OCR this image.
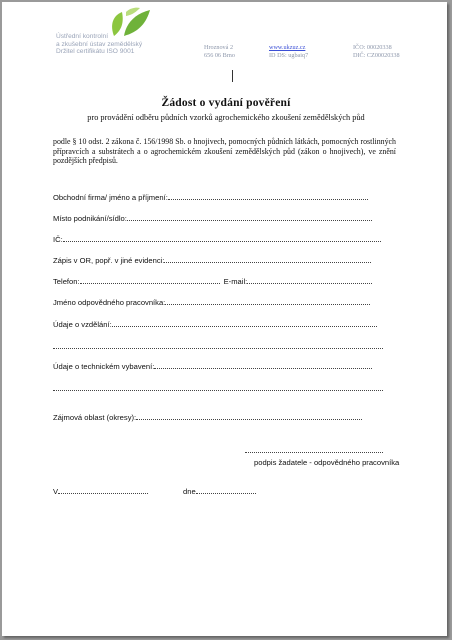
Ústřední kontrolní
a zkušební ústav zemědělský
Držitel certifikátu ISO 9001
Hroznová 2
656 06 Brno
www.ukzuz.cz
ID DS: ugbaiq7
IČO: 00020338
DIČ: CZ00020338
Žádost o vydání pověření
pro provádění odběru půdních vzorků agrochemického zkoušení zemědělských půd
podle § 10 odst. 2 zákona č. 156/1998 Sb. o hnojivech, pomocných půdních látkách, pomocných rostlinných přípravcích a substrátech a o agrochemickém zkoušení zemědělských půd (zákon o hnojivech), ve znění pozdějších předpisů.
Obchodní firma/ jméno a příjmení:
Místo podnikání/sídlo:
IČ:
Zápis v OR, popř. v jiné evidenci:
Telefon:	E-mail:
Jméno odpovědného pracovníka:
Údaje o vzdělání:
Údaje o technickém vybavení:
Zájmová oblast (okresy):
podpis žadatele - odpovědného pracovníka
V	dne
